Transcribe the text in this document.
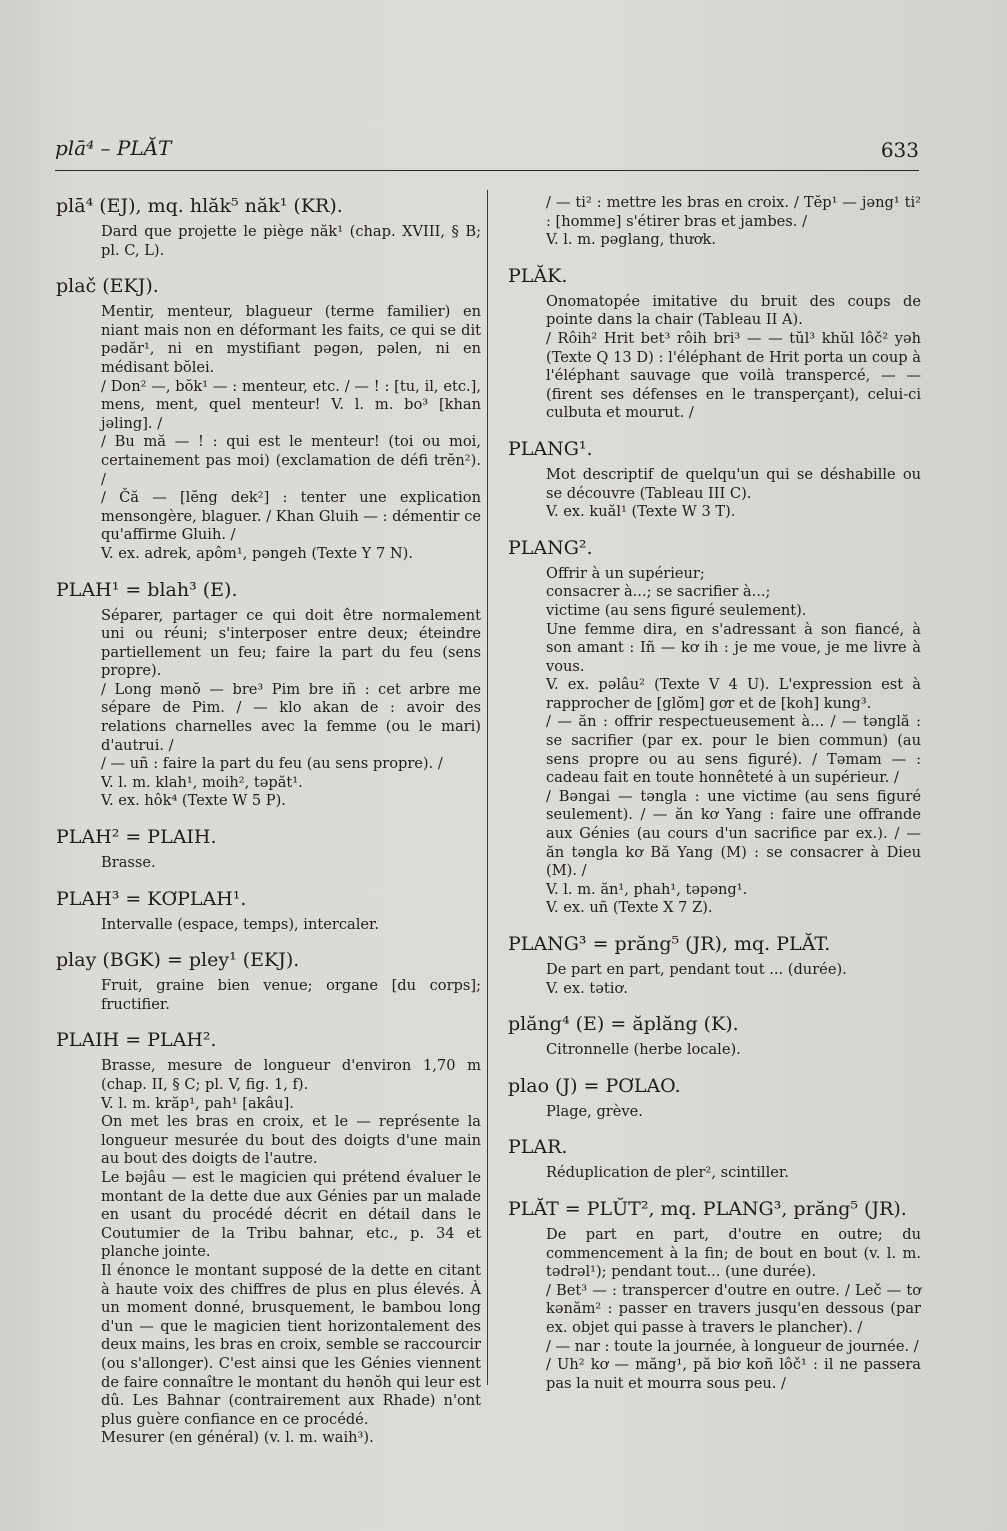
plā⁴ – PLĂT	633
plā⁴ (EJ), mq. hlăk⁵ năk¹ (KR).

Dard que projette le piège năk¹ (chap. XVIII, § B; pl. C, L).

plač (EKJ).

Mentir, menteur, blagueur (terme familier) en niant mais non en déformant les faits, ce qui se dit pədăr¹, ni en mystifiant pəgən, pəlen, ni en médisant bŏlei.

/ Don² —, bŏk¹ — : menteur, etc. / — ! : [tu, il, etc.], mens, ment, quel menteur! V. l. m. bo³ [khan jəling]. /

/ Bu mă — ! : qui est le menteur! (toi ou moi, certainement pas moi) (exclamation de défi trĕn²). /

/ Čă — [lĕng dek²] : tenter une explication mensongère, blaguer. / Khan Gluih — : démentir ce qu'affirme Gluih. /

V. ex. adrek, apôm¹, pəngeh (Texte Y 7 N).

PLAH¹ = blah³ (E).

Séparer, partager ce qui doit être normalement uni ou réuni; s'interposer entre deux; éteindre partiellement un feu; faire la part du feu (sens propre).

/ Long mənŏ — bre³ Pim bre iñ : cet arbre me sépare de Pim. / — klo akan de : avoir des relations charnelles avec la femme (ou le mari) d'autrui. /

/ — uñ : faire la part du feu (au sens propre). /

V. l. m. klah¹, moih², təpăt¹.

V. ex. hôk⁴ (Texte W 5 P).

PLAH² = PLAIH.

Brasse.

PLAH³ = KƠPLAH¹.

Intervalle (espace, temps), intercaler.

play (BGK) = pley¹ (EKJ).

Fruit, graine bien venue; organe [du corps]; fructifier.

PLAIH = PLAH².

Brasse, mesure de longueur d'environ 1,70 m (chap. II, § C; pl. V, fig. 1, f).

V. l. m. krăp¹, pah¹ [akâu].

On met les bras en croix, et le — représente la longueur mesurée du bout des doigts d'une main au bout des doigts de l'autre.

Le bəjâu — est le magicien qui prétend évaluer le montant de la dette due aux Génies par un malade en usant du procédé décrit en détail dans le Coutumier de la Tribu bahnar, etc., p. 34 et planche jointe.

Il énonce le montant supposé de la dette en citant à haute voix des chiffres de plus en plus élevés. À un moment donné, brusquement, le bambou long d'un — que le magicien tient horizontalement des deux mains, les bras en croix, semble se raccourcir (ou s'allonger). C'est ainsi que les Génies viennent de faire connaître le montant du hənŏh qui leur est dû. Les Bahnar (contrairement aux Rhade) n'ont plus guère confiance en ce procédé.

Mesurer (en général) (v. l. m. waih³).

/ — ti² : mettre les bras en croix. / Tĕp¹ — jəng¹ ti² : [homme] s'étirer bras et jambes. /

V. l. m. pəglang, thươk.

PLĂK.

Onomatopée imitative du bruit des coups de pointe dans la chair (Tableau II A).

/ Rôih² Hrit bet³ rôih bri³ — — tŭl³ khŭl lôč² yəh (Texte Q 13 D) : l'éléphant de Hrit porta un coup à l'éléphant sauvage que voilà transpercé, — — (firent ses défenses en le transperçant), celui-ci culbuta et mourut. /

PLANG¹.

Mot descriptif de quelqu'un qui se déshabille ou se découvre (Tableau III C).

V. ex. kuăl¹ (Texte W 3 T).

PLANG².

Offrir à un supérieur;

consacrer à...; se sacrifier à...;

victime (au sens figuré seulement).

Une femme dira, en s'adressant à son fiancé, à son amant : Iñ — kơ ih : je me voue, je me livre à vous.

V. ex. pəlâu² (Texte V 4 U). L'expression est à rapprocher de [glŏm] gơr et de [koh] kung³.

/ — ăn : offrir respectueusement à... / — tənglă : se sacrifier (par ex. pour le bien commun) (au sens propre ou au sens figuré). / Təmam — : cadeau fait en toute honnêteté à un supérieur. /

/ Bəngai — təngla : une victime (au sens figuré seulement). / — ăn kơ Yang : faire une offrande aux Génies (au cours d'un sacrifice par ex.). / — ăn təngla kơ Bă Yang (M) : se consacrer à Dieu (M). /

V. l. m. ăn¹, phah¹, təpəng¹.

V. ex. uñ (Texte X 7 Z).

PLANG³ = prăng⁵ (JR), mq. PLĂT.

De part en part, pendant tout ... (durée).

V. ex. tətiơ.

plăng⁴ (E) = ăplăng (K).

Citronnelle (herbe locale).

plao (J) = PƠLAO.

Plage, grève.

PLAR.

Réduplication de pler², scintiller.

PLĂT = PLŬT², mq. PLANG³, prăng⁵ (JR).

De part en part, d'outre en outre; du commencement à la fin; de bout en bout (v. l. m. tədrəl¹); pendant tout... (une durée).

/ Bet³ — : transpercer d'outre en outre. / Leč — tơ kənăm² : passer en travers jusqu'en dessous (par ex. objet qui passe à travers le plancher). /

/ — nar : toute la journée, à longueur de journée. /

/ Uh² kơ — măng¹, pă biơ koñ lôč¹ : il ne passera pas la nuit et mourra sous peu. /
